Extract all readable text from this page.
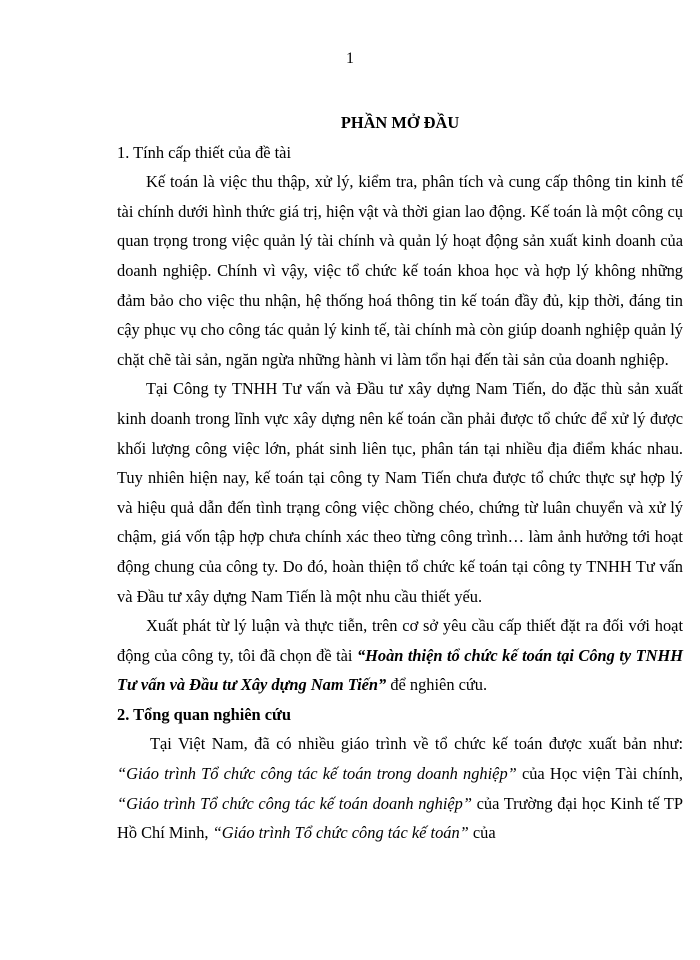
1

PHẦN MỞ ĐẦU

1. Tính cấp thiết của đề tài

Kế toán là việc thu thập, xử lý, kiểm tra, phân tích và cung cấp thông tin kinh tế tài chính dưới hình thức giá trị, hiện vật và thời gian lao động. Kế toán là một công cụ quan trọng trong việc quản lý tài chính và quản lý hoạt động sản xuất kinh doanh của doanh nghiệp. Chính vì vậy, việc tổ chức kế toán khoa học và hợp lý không những đảm bảo cho việc thu nhận, hệ thống hoá thông tin kế toán đầy đủ, kịp thời, đáng tin cậy phục vụ cho công tác quản lý kinh tế, tài chính mà còn giúp doanh nghiệp quản lý chặt chẽ tài sản, ngăn ngừa những hành vi làm tổn hại đến tài sản của doanh nghiệp.

Tại Công ty TNHH Tư vấn và Đầu tư xây dựng Nam Tiến, do đặc thù sản xuất kinh doanh trong lĩnh vực xây dựng nên kế toán cần phải được tổ chức để xử lý được khối lượng công việc lớn, phát sinh liên tục, phân tán tại nhiều địa điểm khác nhau. Tuy nhiên hiện nay, kế toán tại công ty Nam Tiến chưa được tổ chức thực sự hợp lý và hiệu quả dẫn đến tình trạng công việc chồng chéo, chứng từ luân chuyển và xử lý chậm, giá vốn tập hợp chưa chính xác theo từng công trình… làm ảnh hưởng tới hoạt động chung của công ty. Do đó, hoàn thiện tổ chức kế toán tại công ty TNHH Tư vấn và Đầu tư xây dựng Nam Tiến là một nhu cầu thiết yếu.

Xuất phát từ lý luận và thực tiễn, trên cơ sở yêu cầu cấp thiết đặt ra đối với hoạt động của công ty, tôi đã chọn đề tài “Hoàn thiện tổ chức kế toán tại Công ty TNHH Tư vấn và Đầu tư Xây dựng Nam Tiến” để nghiên cứu.

2. Tổng quan nghiên cứu

Tại Việt Nam, đã có nhiều giáo trình về tổ chức kế toán được xuất bản như: “Giáo trình Tổ chức công tác kế toán trong doanh nghiệp” của Học viện Tài chính, “Giáo trình Tổ chức công tác kế toán doanh nghiệp” của Trường đại học Kinh tế TP Hồ Chí Minh, “Giáo trình Tổ chức công tác kế toán” của
